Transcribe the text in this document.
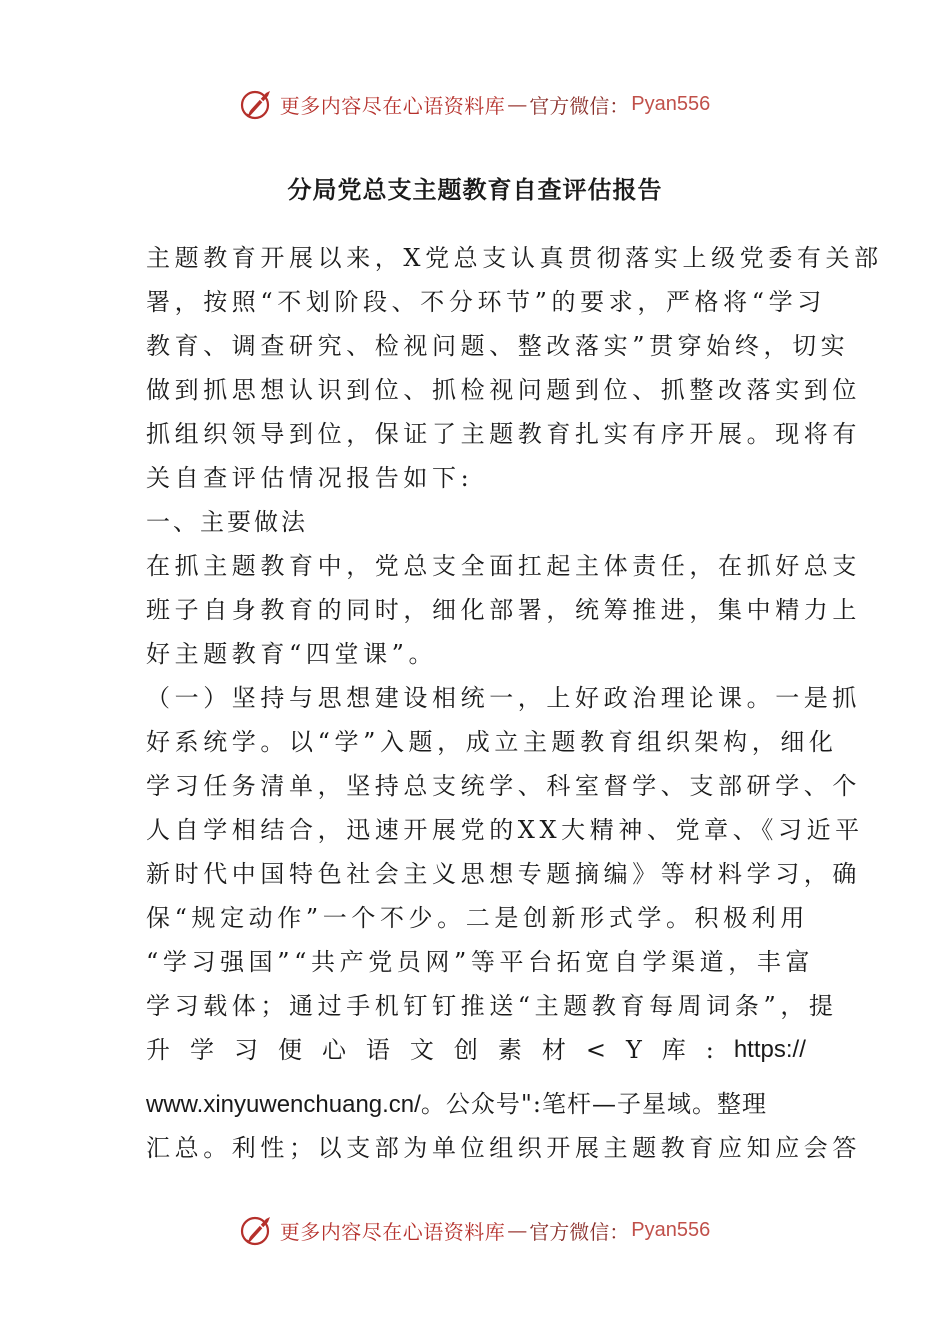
更多内容尽在心语资料库 — 官方微信： Pyan556
分局党总支主题教育自查评估报告
主题教育开展以来，X党总支认真贯彻落实上级党委有关部
署，按照“不划阶段、不分环节”的要求，严格将“学习
教育、调查研究、检视问题、整改落实”贯穿始终，切实
做到抓思想认识到位、抓检视问题到位、抓整改落实到位
抓组织领导到位，保证了主题教育扎实有序开展。现将有
关自查评估情况报告如下:
一、主要做法
在抓主题教育中，党总支全面扛起主体责任，在抓好总支
班子自身教育的同时，细化部署，统筹推进，集中精力上
好主题教育“四堂课”。
（一）坚持与思想建设相统一，上好政治理论课。一是抓
好系统学。以“学”入题，成立主题教育组织架构，细化
学习任务清单，坚持总支统学、科室督学、支部研学、个
人自学相结合，迅速开展党的XX大精神、党章、《习近平
新时代中国特色社会主义思想专题摘编》等材料学习，确
保“规定动作”一个不少。二是创新形式学。积极利用
“学习强国”“共产党员网”等平台拓宽自学渠道，丰富
学习载体；通过手机钉钉推送“主题教育每周词条”，提
升 学 习 便 心 语 文 创 素 材 < Y 库 : https://
www.xinyuwenchuang.cn/。公众号":笔杆—子星域。整理
汇总。利性；以支部为单位组织开展主题教育应知应会答
更多内容尽在心语资料库 — 官方微信： Pyan556
